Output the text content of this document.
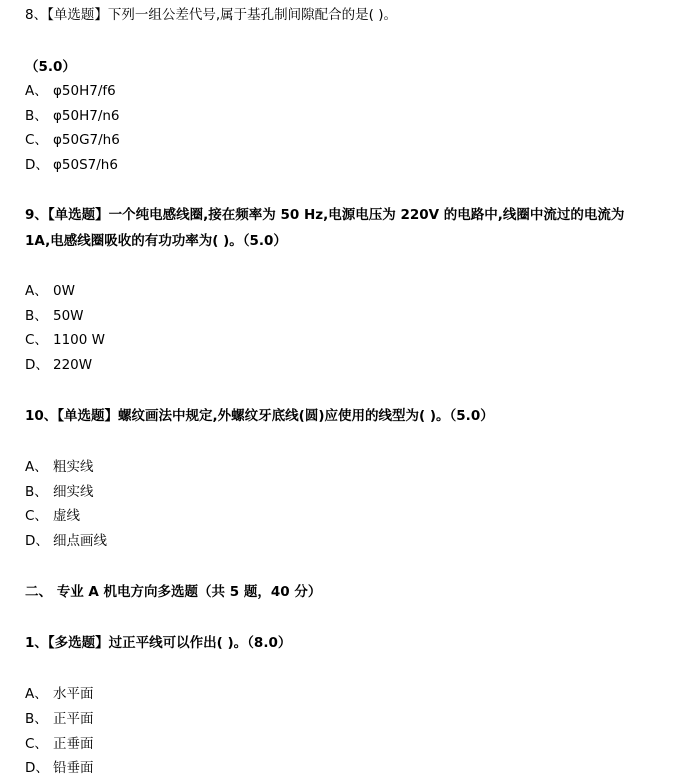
8、【单选题】下列一组公差代号,属于基孔制间隙配合的是( )。
（5.0）
A、 φ50H7/f6
B、 φ50H7/n6
C、 φ50G7/h6
D、 φ50S7/h6
9、【单选题】一个纯电感线圈,接在频率为 50 Hz,电源电压为 220V 的电路中,线圈中流过的电流为
1A,电感线圈吸收的有功功率为( )。（5.0）
A、 0W
B、 50W
C、 1100 W
D、 220W
10、【单选题】螺纹画法中规定,外螺纹牙底线(圆)应使用的线型为( )。（5.0）
A、 粗实线
B、 细实线
C、 虚线
D、 细点画线
二、 专业 A 机电方向多选题（共 5 题，40 分）
1、【多选题】过正平线可以作出( )。（8.0）
A、 水平面
B、 正平面
C、 正垂面
D、 铅垂面
